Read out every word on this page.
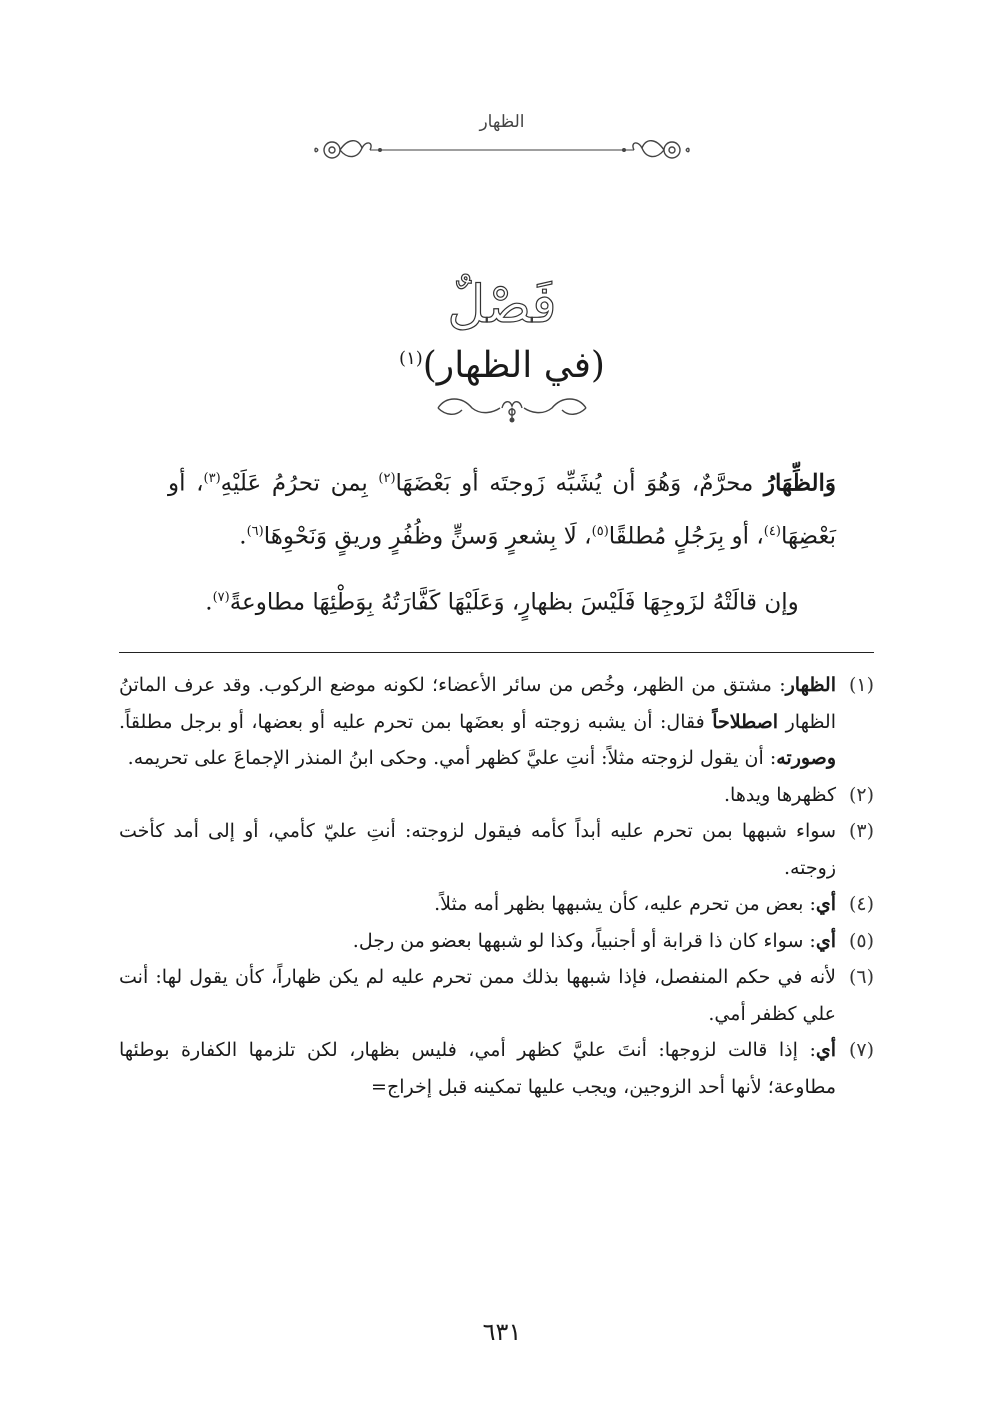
الظهار
فَصْلٌ
(في الظهار)$^{(١)}$

وَالظِّهَارُ محرَّمٌ، وَهُوَ أن يُشَبِّه زَوجتَه أو بَعْضَهَا$^{(٢)}$ بِمن تحرُمُ عَلَيْهِ$^{(٣)}$، أو بَعْضِهَا$^{(٤)}$، أو بِرَجُلٍ مُطلقًا$^{(٥)}$، لَا بِشعرٍ وَسنٍّ وظُفُرٍ وريقٍ وَنَحْوِهَا$^{(٦)}$.

وإن قالَتْهُ لزَوجِهَا فَلَيْسَ بظهارٍ، وَعَلَيْهَا كَفَّارَتُهُ بِوَطْئِهَا مطاوعةً$^{(٧)}$.

(١)
الظهار: مشتق من الظهر، وخُص من سائر الأعضاء؛ لكونه موضع الركوب. وقد عرف الماتنُ الظهار اصطلاحاً فقال: أن يشبه زوجته أو بعضَها بمن تحرم عليه أو بعضها، أو برجل مطلقاً. وصورته: أن يقول لزوجته مثلاً: أنتِ عليَّ كظهر أمي. وحكى ابنُ المنذر الإجماعَ على تحريمه.
(٢)
كظهرها ويدها.
(٣)
سواء شبهها بمن تحرم عليه أبداً كأمه فيقول لزوجته: أنتِ عليّ كأمي، أو إلى أمد كأخت زوجته.
(٤)
أي: بعض من تحرم عليه، كأن يشبهها بظهر أمه مثلاً.
(٥)
أي: سواء كان ذا قرابة أو أجنبياً، وكذا لو شبهها بعضو من رجل.
(٦)
لأنه في حكم المنفصل، فإذا شبهها بذلك ممن تحرم عليه لم يكن ظهاراً، كأن يقول لها: أنت علي كظفر أمي.
(٧)
أي: إذا قالت لزوجها: أنتَ عليَّ كظهر أمي، فليس بظهار، لكن تلزمها الكفارة بوطئها مطاوعة؛ لأنها أحد الزوجين، ويجب عليها تمكينه قبل إخراج=
٦٣١
